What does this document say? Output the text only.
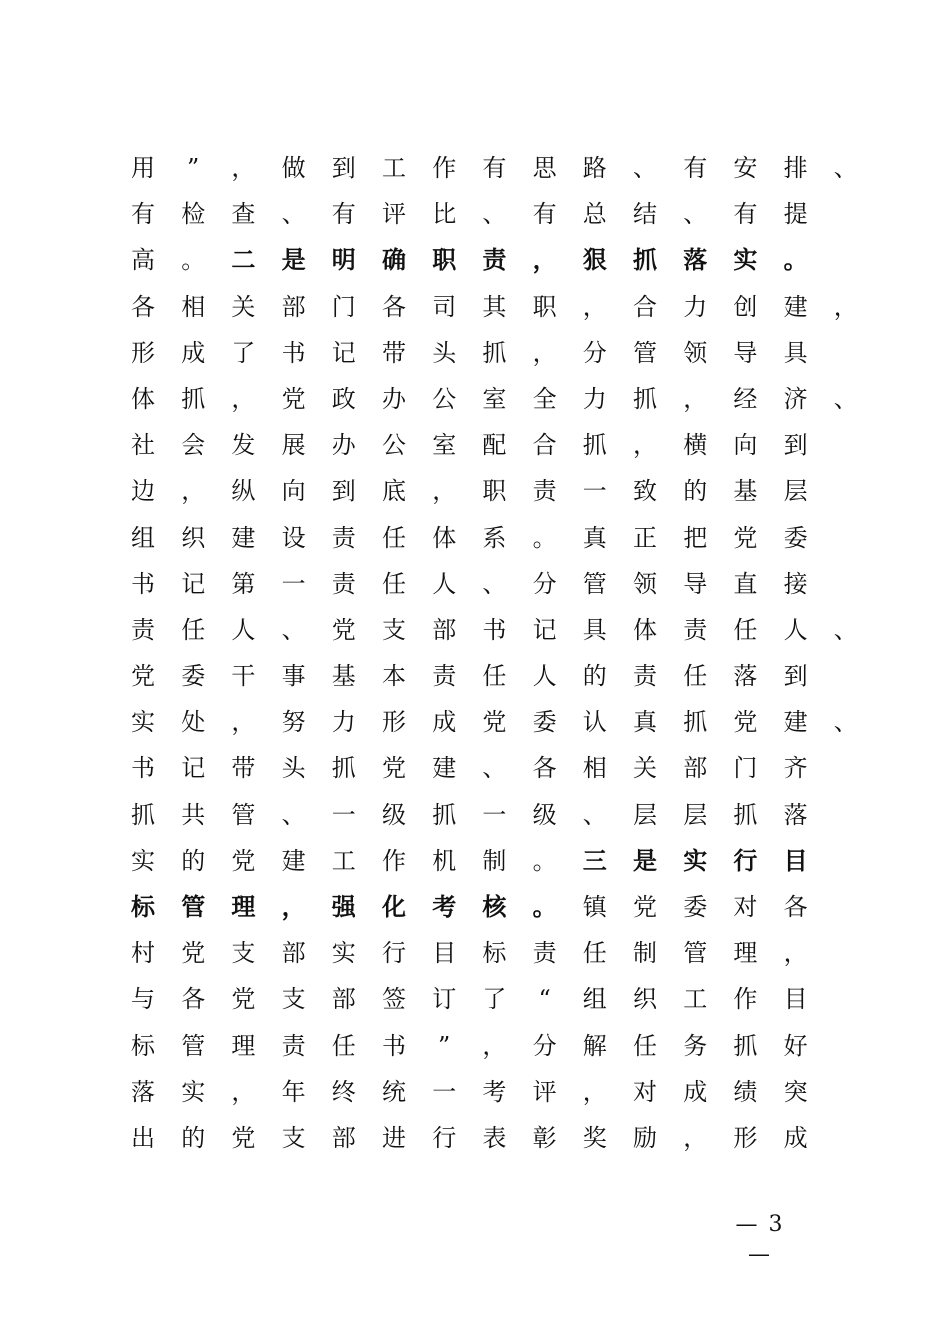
用 ” ， 做 到 工 作 有 思 路 、 有 安 排 、
有 检 查 、 有 评 比 、 有 总 结 、 有 提
高 。 二 是 明 确 职 责 ， 狠 抓 落 实 。
各 相 关 部 门 各 司 其 职 ， 合 力 创 建 ，
形 成 了 书 记 带 头 抓 ， 分 管 领 导 具
体 抓 ， 党 政 办 公 室 全 力 抓 ， 经 济 、
社 会 发 展 办 公 室 配 合 抓 ， 横 向 到
边 ， 纵 向 到 底 ， 职 责 一 致 的 基 层
组 织 建 设 责 任 体 系 。 真 正 把 党 委
书 记 第 一 责 任 人 、 分 管 领 导 直 接
责 任 人 、 党 支 部 书 记 具 体 责 任 人 、
党 委 干 事 基 本 责 任 人 的 责 任 落 到
实 处 ， 努 力 形 成 党 委 认 真 抓 党 建 、
书 记 带 头 抓 党 建 、 各 相 关 部 门 齐
抓 共 管 、 一 级 抓 一 级 、 层 层 抓 落
实 的 党 建 工 作 机 制 。 三 是 实 行 目
标 管 理 ， 强 化 考 核 。 镇 党 委 对 各
村 党 支 部 实 行 目 标 责 任 制 管 理 ，
与 各 党 支 部 签 订 了 “ 组 织 工 作 目
标 管 理 责 任 书 ” ， 分 解 任 务 抓 好
落 实 ， 年 终 统 一 考 评 ， 对 成 绩 突
出 的 党 支 部 进 行 表 彰 奖 励 ， 形 成
— 3 —
